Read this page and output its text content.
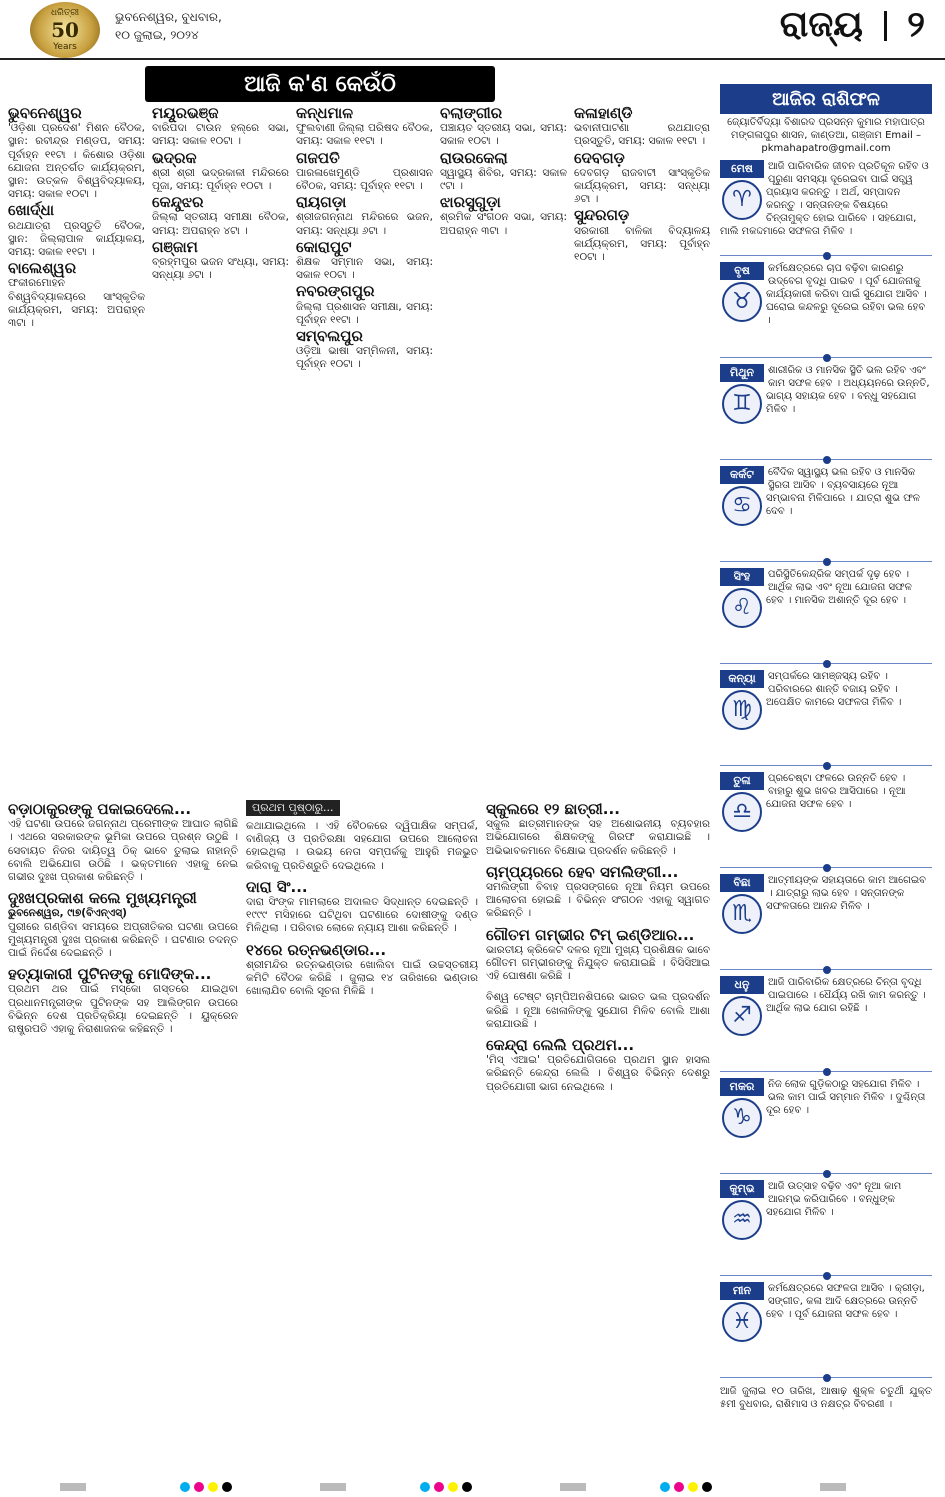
ଧରିତ୍ରୀ
50
Years
ଭୁବନେଶ୍ୱର, ବୁଧବାର,
୧୦ ଜୁଲାଇ, ୨୦୨୪	ରାଜ୍ୟ ୨
ଆଜି କ'ଣ କେଉଁଠି
ଭୁବନେଶ୍ୱର
'ଓଡ଼ିଶା ପ୍ରଦେଶ' ମିଶନ ବୈଠକ, ସ୍ଥାନ: ରବୀନ୍ଦ୍ର ମଣ୍ଡପ, ସମୟ: ପୂର୍ବାହ୍ନ ୧୧ଟା । କିଶୋର ଓଡ଼ିଶା ଯୋଜନା ଅନ୍ତର୍ଗତ କାର୍ଯ୍ୟକ୍ରମ, ସ୍ଥାନ: ଉତ୍କଳ ବିଶ୍ୱବିଦ୍ୟାଳୟ, ସମୟ: ସକାଳ ୧୦ଟା ।
ଖୋର୍ଦ୍ଧା
ରଥଯାତ୍ରା ପ୍ରସ୍ତୁତି ବୈଠକ, ସ୍ଥାନ: ଜିଲ୍ଲାପାଳ କାର୍ଯ୍ୟାଳୟ, ସମୟ: ସକାଳ ୧୧ଟା ।
ବାଲେଶ୍ୱର
ଫକୀରମୋହନ ବିଶ୍ୱବିଦ୍ୟାଳୟରେ ସାଂସ୍କୃତିକ କାର୍ଯ୍ୟକ୍ରମ, ସମୟ: ଅପରାହ୍ନ ୩ଟା ।
ମୟୂରଭଞ୍ଜ
ବାରିପଦା ଟାଉନ ହଲ୍‌ରେ ସଭା, ସମୟ: ସକାଳ ୧୦ଟା ।
ଭଦ୍ରକ
ଶ୍ରୀ ଶ୍ରୀ ଭଦ୍ରକାଳୀ ମନ୍ଦିରରେ ପୂଜା, ସମୟ: ପୂର୍ବାହ୍ନ ୧୦ଟା ।
କେନ୍ଦୁଝର
ଜିଲ୍ଲା ସ୍ତରୀୟ ସମୀକ୍ଷା ବୈଠକ, ସମୟ: ଅପରାହ୍ନ ୪ଟା ।
ଗଞ୍ଜାମ
ବ୍ରହ୍ମପୁର ଭଜନ ସଂଧ୍ୟା, ସମୟ: ସନ୍ଧ୍ୟା ୬ଟା ।
କନ୍ଧମାଳ
ଫୁଲବାଣୀ ଜିଲ୍ଲା ପରିଷଦ ବୈଠକ, ସମୟ: ସକାଳ ୧୧ଟା ।
ଗଜପତି
ପାରଳାଖେମୁଣ୍ଡି ପ୍ରଶାସନ ବୈଠକ, ସମୟ: ପୂର୍ବାହ୍ନ ୧୧ଟା ।
ରାୟଗଡ଼ା
ଶ୍ରୀଜଗନ୍ନାଥ ମନ୍ଦିରରେ ଭଜନ, ସମୟ: ସନ୍ଧ୍ୟା ୬ଟା ।
କୋରାପୁଟ
ଶିକ୍ଷକ ସମ୍ମାନ ସଭା, ସମୟ: ସକାଳ ୧୦ଟା ।
ନବରଙ୍ଗପୁର
ଜିଲ୍ଲା ପ୍ରଶାସନ ସମୀକ୍ଷା, ସମୟ: ପୂର୍ବାହ୍ନ ୧୧ଟା ।
ସମ୍ବଲପୁର
ଓଡ଼ିଆ ଭାଷା ସମ୍ମିଳନୀ, ସମୟ: ପୂର୍ବାହ୍ନ ୧୦ଟା ।
ବଲାଙ୍ଗୀର
ପଞ୍ଚାୟତ ସ୍ତରୀୟ ସଭା, ସମୟ: ସକାଳ ୧୦ଟା ।
ରାଉରକେଲା
ସ୍ୱାସ୍ଥ୍ୟ ଶିବିର, ସମୟ: ସକାଳ ୯ଟା ।
ଝାରସୁଗୁଡ଼ା
ଶ୍ରମିକ ସଂଗଠନ ସଭା, ସମୟ: ଅପରାହ୍ନ ୩ଟା ।
କଳାହାଣ୍ଡି
ଭବାନୀପାଟଣା ରଥଯାତ୍ରା ପ୍ରସ୍ତୁତି, ସମୟ: ସକାଳ ୧୧ଟା ।
ଦେବଗଡ଼
ଦେବଗଡ଼ ରାଜବାଟୀ ସାଂସ୍କୃତିକ କାର୍ଯ୍ୟକ୍ରମ, ସମୟ: ସନ୍ଧ୍ୟା ୬ଟା ।
ସୁନ୍ଦରଗଡ଼
ସରକାରୀ ବାଳିକା ବିଦ୍ୟାଳୟ କାର୍ଯ୍ୟକ୍ରମ, ସମୟ: ପୂର୍ବାହ୍ନ ୧୦ଟା ।
ଆଜିର ରାଶିଫଳ
ଜ୍ୟୋତିର୍ବିଦ୍ୟା ବିଶାରଦ ପ୍ରସନ୍ନ କୁମାର ମହାପାତ୍ର ମଙ୍ଗଳାପୁର ଶାସନ, କାଣ୍ଡଆ, ଗଞ୍ଜାମ Email – pkmahapatro@gmail.com
ମେଷ
♈
ଆଜି ପାରିବାରିକ ଜୀବନ ପ୍ରତିକୂଳ ରହିବ ଓ ପୂରୁଣା ସମସ୍ୟା ଦୂରେଇବା ପାଇଁ ସତ୍ତ୍ୱ ପ୍ରୟାସ କରନ୍ତୁ । ଅର୍ଥ, ସମ୍ପାଦନ କରନ୍ତୁ । ସନ୍ତାନଙ୍କ ବିଷୟରେ ଚିନ୍ତାମୁକ୍ତ ହୋଇ ପାରିବେ । ସହଯୋଗ, ମାଲି ମକଦ୍ଦମାରେ ସଫଳତା ମିଳିବ ।
ବୃଷ
♉
କର୍ମକ୍ଷେତ୍ରରେ ଚାପ ବଢ଼ିବା କାରଣରୁ ଉଦ୍ବେଗ ବୃଦ୍ଧି ପାଇବ । ପୂର୍ବ ଯୋଜନାକୁ କାର୍ଯ୍ୟକାରୀ କରିବା ପାଇଁ ସୁଯୋଗ ଆସିବ । ଘରୋଇ କନ୍ଦଳରୁ ଦୂରେଇ ରହିବା ଭଲ ହେବ ।
ମିଥୁନ
♊
ଶାରୀରିକ ଓ ମାନସିକ ସ୍ଥିତି ଭଲ ରହିବ ଏବଂ କାମ ସଫଳ ହେବ । ଅଧ୍ୟୟନରେ ଉନ୍ନତି, ଭାଗ୍ୟ ସହାୟକ ହେବ । ବନ୍ଧୁ ସହଯୋଗ ମିଳିବ ।
କର୍କଟ
♋
ବୈଦିକ ସ୍ୱାସ୍ଥ୍ୟ ଭଲ ରହିବ ଓ ମାନସିକ ସ୍ଥିରତା ଆସିବ । ବ୍ୟବସାୟରେ ନୂଆ ସମ୍ଭାବନା ମିଳିପାରେ । ଯାତ୍ରା ଶୁଭ ଫଳ ଦେବ ।
ସିଂହ
♌
ପରିସ୍ଥିତିକେନ୍ଦ୍ରିକ ସମ୍ପର୍କ ଦୃଢ଼ ହେବ । ଆର୍ଥିକ ଲାଭ ଏବଂ ନୂଆ ଯୋଜନା ସଫଳ ହେବ । ମାନସିକ ଅଶାନ୍ତି ଦୂର ହେବ ।
କନ୍ୟା
♍
ସମ୍ପର୍କରେ ସାମଞ୍ଜସ୍ୟ ରହିବ । ପରିବାରରେ ଶାନ୍ତି ବଜାୟ ରହିବ । ଅପେକ୍ଷିତ କାମରେ ସଫଳତା ମିଳିବ ।
ତୁଳା
♎
ପ୍ରଚେଷ୍ଟା ଫଳରେ ଉନ୍ନତି ହେବ । ବାହାରୁ ଶୁଭ ଖବର ଆସିପାରେ । ନୂଆ ଯୋଜନା ସଫଳ ହେବ ।
ବିଛା
♏
ଆତ୍ମୀୟଙ୍କ ସହାୟତାରେ କାମ ଆଗେଇବ । ଯାତ୍ରାରୁ ଲାଭ ହେବ । ସନ୍ତାନଙ୍କ ସଫଳତାରେ ଆନନ୍ଦ ମିଳିବ ।
ଧନୁ
♐
ଆଜି ପାରିବାରିକ କ୍ଷେତ୍ରରେ ଚିନ୍ତା ବୃଦ୍ଧି ପାଇପାରେ । ଧୈର୍ଯ୍ୟ ରଖି କାମ କରନ୍ତୁ । ଆର୍ଥିକ ଲାଭ ଯୋଗ ରହିଛି ।
ମକର
♑
ନିଜ ଲୋକ ଗୁଡ଼ିକଠାରୁ ସହଯୋଗ ମିଳିବ । ଭଲ କାମ ପାଇଁ ସମ୍ମାନ ମିଳିବ । ଦୁଶ୍ଚିନ୍ତା ଦୂର ହେବ ।
କୁମ୍ଭ
♒
ଆଜି ଉତ୍ସାହ ବଢ଼ିବ ଏବଂ ନୂଆ କାମ ଆରମ୍ଭ କରିପାରିବେ । ବନ୍ଧୁଙ୍କ ସହଯୋଗ ମିଳିବ ।
ମୀନ
♓
କର୍ମକ୍ଷେତ୍ରରେ ସଫଳତା ଆସିବ । କ୍ରୀଡ଼ା, ସଙ୍ଗୀତ, କଳା ଆଦି କ୍ଷେତ୍ରରେ ଉନ୍ନତି ହେବ । ପୂର୍ବ ଯୋଜନା ସଫଳ ହେବ ।
ଆଜି ଜୁଲାଇ ୧୦ ତାରିଖ, ଆଷାଢ଼ ଶୁକ୍ଳ ଚତୁର୍ଥୀ ଯୁକ୍ତ ୫ମୀ ବୁଧବାର, ରାଶିମାସ ଓ ନକ୍ଷତ୍ର ବିବରଣୀ ।
ବଡ଼ାଠାକୁରଙ୍କୁ ପକାଇଦେଲେ...
ଏହି ଘଟଣା ଉପରେ ଜଗନ୍ନାଥ ପ୍ରେମୀଙ୍କ ଆଘାତ ଲାଗିଛି । ଏଥରେ ସରକାରଙ୍କ ଭୂମିକା ଉପରେ ପ୍ରଶ୍ନ ଉଠୁଛି । ସେବାୟତ ନିଜର ଦାୟିତ୍ୱ ଠିକ୍ ଭାବେ ତୁଲାଇ ନାହାନ୍ତି ବୋଲି ଅଭିଯୋଗ ଉଠିଛି । ଭକ୍ତମାନେ ଏହାକୁ ନେଇ ଗଭୀର ଦୁଃଖ ପ୍ରକାଶ କରିଛନ୍ତି ।
ଦୁଃଖପ୍ରକାଶ କଲେ ମୁଖ୍ୟମନ୍ତ୍ରୀ
ଭୁବନେଶ୍ୱର, ୯ା୭(ବିଏନ୍‌ଏସ୍)
ପୁରୀରେ ଗଣ୍ଡିବା ସମୟରେ ଅପ୍ରୀତିକର ଘଟଣା ଉପରେ ମୁଖ୍ୟମନ୍ତ୍ରୀ ଦୁଃଖ ପ୍ରକାଶ କରିଛନ୍ତି । ଘଟଣାର ତଦନ୍ତ ପାଇଁ ନିର୍ଦ୍ଦେଶ ଦେଇଛନ୍ତି ।
ହତ୍ୟାକାରୀ ପୁଟିନଙ୍କୁ ମୋଦିଙ୍କ...
ପ୍ରଥମ ଥର ପାଇଁ ମସ୍କୋ ଗସ୍ତରେ ଯାଇଥିବା ପ୍ରଧାନମନ୍ତ୍ରୀଙ୍କ ପୁଟିନଙ୍କ ସହ ଆଲିଙ୍ଗନ ଉପରେ ବିଭିନ୍ନ ଦେଶ ପ୍ରତିକ୍ରିୟା ଦେଇଛନ୍ତି । ୟୁକ୍ରେନ ରାଷ୍ଟ୍ରପତି ଏହାକୁ ନିରାଶାଜନକ କହିଛନ୍ତି ।
ପ୍ରଥମ ପୃଷ୍ଠାରୁ...
କଥାଯାଇଥିଲେ । ଏହି ବୈଠକରେ ଦ୍ୱିପାକ୍ଷିକ ସମ୍ପର୍କ, ବାଣିଜ୍ୟ ଓ ପ୍ରତିରକ୍ଷା ସହଯୋଗ ଉପରେ ଆଲୋଚନା ହୋଇଥିଲା । ଉଭୟ ନେତା ସମ୍ପର୍କକୁ ଆହୁରି ମଜଭୁତ କରିବାକୁ ପ୍ରତିଶ୍ରୁତି ଦେଇଥିଲେ ।
ଦାରା ସିଂ...
ଦାରା ସିଂଙ୍କ ମାମଲାରେ ଅଦାଲତ ସିଦ୍ଧାନ୍ତ ଦେଇଛନ୍ତି । ୧୯୯୯ ମସିହାରେ ଘଟିଥିବା ଘଟଣାରେ ଦୋଷୀଙ୍କୁ ଦଣ୍ଡ ମିଳିଥିଲା । ପରିବାର ଲୋକେ ନ୍ୟାୟ ଆଶା କରିଛନ୍ତି ।
୧୪ରେ ରତ୍ନଭଣ୍ଡାର...
ଶ୍ରୀମନ୍ଦିର ରତ୍ନଭଣ୍ଡାର ଖୋଲିବା ପାଇଁ ଉଚ୍ଚସ୍ତରୀୟ କମିଟି ବୈଠକ କରିଛି । ଜୁଲାଇ ୧୪ ତାରିଖରେ ଭଣ୍ଡାର ଖୋଲାଯିବ ବୋଲି ସୂଚନା ମିଳିଛି ।
ସ୍କୁଲରେ ୧୨ ଛାତ୍ରୀ...
ସ୍କୁଲ ଛାତ୍ରୀମାନଙ୍କ ସହ ଅଶୋଭନୀୟ ବ୍ୟବହାର ଅଭିଯୋଗରେ ଶିକ୍ଷକଙ୍କୁ ଗିରଫ କରାଯାଇଛି । ଅଭିଭାବକମାନେ ବିକ୍ଷୋଭ ପ୍ରଦର୍ଶନ କରିଛନ୍ତି ।
ଚାମ୍ପ୍ୟରରେ ହେବ ସମଲିଙ୍ଗୀ...
ସମଲିଙ୍ଗୀ ବିବାହ ପ୍ରସଙ୍ଗରେ ନୂଆ ନିୟମ ଉପରେ ଆଲୋଚନା ହୋଇଛି । ବିଭିନ୍ନ ସଂଗଠନ ଏହାକୁ ସ୍ୱାଗତ କରିଛନ୍ତି ।
ଗୌତମ ଗମ୍ଭୀର ଟିମ୍ ଇଣ୍ଡିଆର...
ଭାରତୀୟ କ୍ରିକେଟ ଦଳର ନୂଆ ମୁଖ୍ୟ ପ୍ରଶିକ୍ଷକ ଭାବେ ଗୌତମ ଗମ୍ଭୀରଙ୍କୁ ନିଯୁକ୍ତ କରାଯାଇଛି । ବିସିସିଆଇ ଏହି ଘୋଷଣା କରିଛି ।
ବିଶ୍ୱ ଟେଷ୍ଟ ଚାମ୍ପିଅନଶିପରେ ଭାରତ ଭଲ ପ୍ରଦର୍ଶନ କରିଛି । ନୂଆ ଖେଳାଳିଙ୍କୁ ସୁଯୋଗ ମିଳିବ ବୋଲି ଆଶା କରାଯାଉଛି ।
କେନ୍ଦ୍ରା ଲେଲି ପ୍ରଥମ...
'ମିସ୍ ଏଆଇ' ପ୍ରତିଯୋଗିତାରେ ପ୍ରଥମ ସ୍ଥାନ ହାସଲ କରିଛନ୍ତି କେନ୍ଦ୍ରା ଲେଲି । ବିଶ୍ୱର ବିଭିନ୍ନ ଦେଶରୁ ପ୍ରତିଯୋଗୀ ଭାଗ ନେଇଥିଲେ ।
